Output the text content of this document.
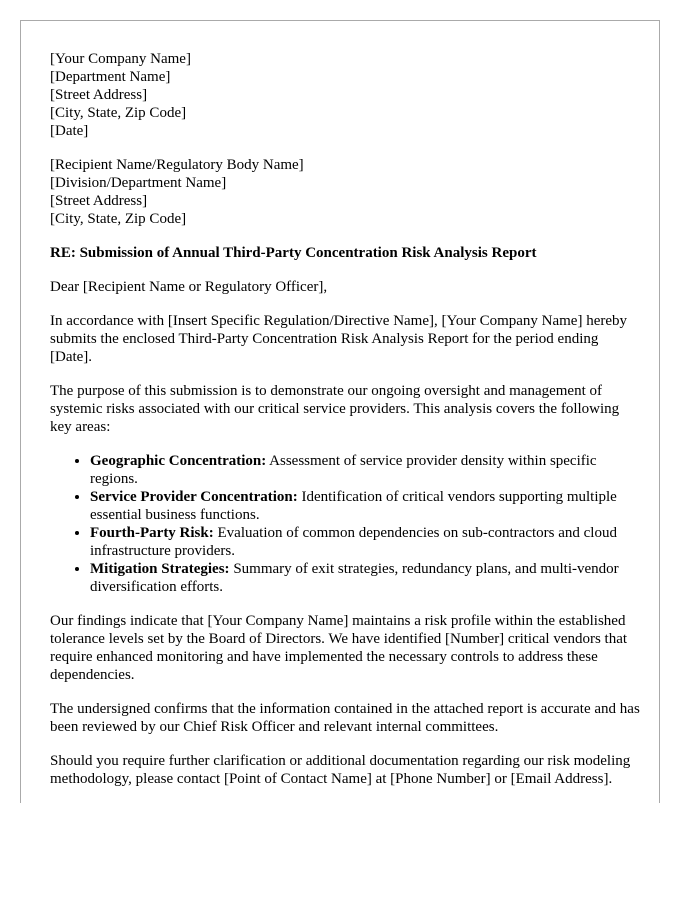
[Your Company Name]
[Department Name]
[Street Address]
[City, State, Zip Code]
[Date]
[Recipient Name/Regulatory Body Name]
[Division/Department Name]
[Street Address]
[City, State, Zip Code]

RE: Submission of Annual Third-Party Concentration Risk Analysis Report

Dear [Recipient Name or Regulatory Officer],

In accordance with [Insert Specific Regulation/Directive Name], [Your Company Name] hereby submits the enclosed Third-Party Concentration Risk Analysis Report for the period ending [Date].

The purpose of this submission is to demonstrate our ongoing oversight and management of systemic risks associated with our critical service providers. This analysis covers the following key areas:

• Geographic Concentration: Assessment of service provider density within specific regions.
• Service Provider Concentration: Identification of critical vendors supporting multiple essential business functions.
• Fourth-Party Risk: Evaluation of common dependencies on sub-contractors and cloud infrastructure providers.
• Mitigation Strategies: Summary of exit strategies, redundancy plans, and multi-vendor diversification efforts.

Our findings indicate that [Your Company Name] maintains a risk profile within the established tolerance levels set by the Board of Directors. We have identified [Number] critical vendors that require enhanced monitoring and have implemented the necessary controls to address these dependencies.

The undersigned confirms that the information contained in the attached report is accurate and has been reviewed by our Chief Risk Officer and relevant internal committees.

Should you require further clarification or additional documentation regarding our risk modeling methodology, please contact [Point of Contact Name] at [Phone Number] or [Email Address].
